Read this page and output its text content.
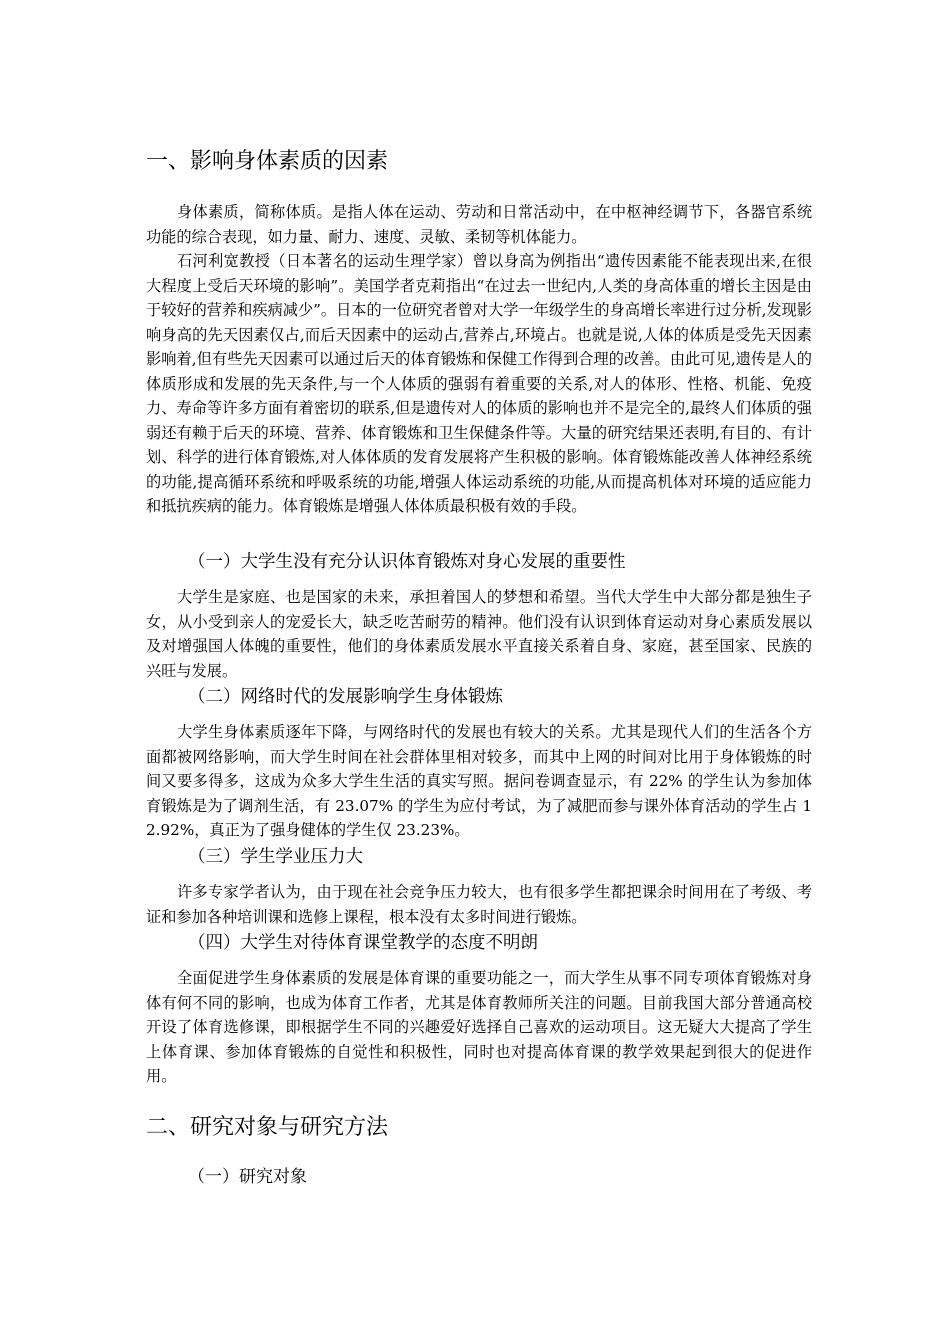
一、影响身体素质的因素

身体素质，简称体质。是指人体在运动、劳动和日常活动中，在中枢神经调节下，各器官系统功能的综合表现，如力量、耐力、速度、灵敏、柔韧等机体能力。

石河利宽教授（日本著名的运动生理学家）曾以身高为例指出“遗传因素能不能表现出来,在很大程度上受后天环境的影响”。美国学者克莉指出“在过去一世纪内,人类的身高体重的增长主因是由于较好的营养和疾病减少”。日本的一位研究者曾对大学一年级学生的身高增长率进行过分析,发现影响身高的先天因素仅占,而后天因素中的运动占,营养占,环境占。也就是说,人体的体质是受先天因素影响着,但有些先天因素可以通过后天的体育锻炼和保健工作得到合理的改善。由此可见,遗传是人的体质形成和发展的先天条件,与一个人体质的强弱有着重要的关系,对人的体形、性格、机能、免疫力、寿命等许多方面有着密切的联系,但是遗传对人的体质的影响也并不是完全的,最终人们体质的强弱还有赖于后天的环境、营养、体育锻炼和卫生保健条件等。大量的研究结果还表明,有目的、有计划、科学的进行体育锻炼,对人体体质的发育发展将产生积极的影响。体育锻炼能改善人体神经系统的功能,提高循环系统和呼吸系统的功能,增强人体运动系统的功能,从而提高机体对环境的适应能力和抵抗疾病的能力。体育锻炼是增强人体体质最积极有效的手段。

（一）大学生没有充分认识体育锻炼对身心发展的重要性

大学生是家庭、也是国家的未来，承担着国人的梦想和希望。当代大学生中大部分都是独生子女，从小受到亲人的宠爱长大，缺乏吃苦耐劳的精神。他们没有认识到体育运动对身心素质发展以及对增强国人体魄的重要性，他们的身体素质发展水平直接关系着自身、家庭，甚至国家、民族的兴旺与发展。

（二）网络时代的发展影响学生身体锻炼

大学生身体素质逐年下降，与网络时代的发展也有较大的关系。尤其是现代人们的生活各个方面都被网络影响，而大学生时间在社会群体里相对较多，而其中上网的时间对比用于身体锻炼的时间又要多得多，这成为众多大学生生活的真实写照。据问卷调查显示，有 22% 的学生认为参加体育锻炼是为了调剂生活，有 23.07% 的学生为应付考试，为了减肥而参与课外体育活动的学生占 12.92%，真正为了强身健体的学生仅 23.23%。

（三）学生学业压力大

许多专家学者认为，由于现在社会竞争压力较大，也有很多学生都把课余时间用在了考级、考证和参加各种培训课和选修上课程，根本没有太多时间进行锻炼。

（四）大学生对待体育课堂教学的态度不明朗

全面促进学生身体素质的发展是体育课的重要功能之一，而大学生从事不同专项体育锻炼对身体有何不同的影响，也成为体育工作者，尤其是体育教师所关注的问题。目前我国大部分普通高校开设了体育选修课，即根据学生不同的兴趣爱好选择自己喜欢的运动项目。这无疑大大提高了学生上体育课、参加体育锻炼的自觉性和积极性，同时也对提高体育课的教学效果起到很大的促进作用。

二、研究对象与研究方法
（一）研究对象
